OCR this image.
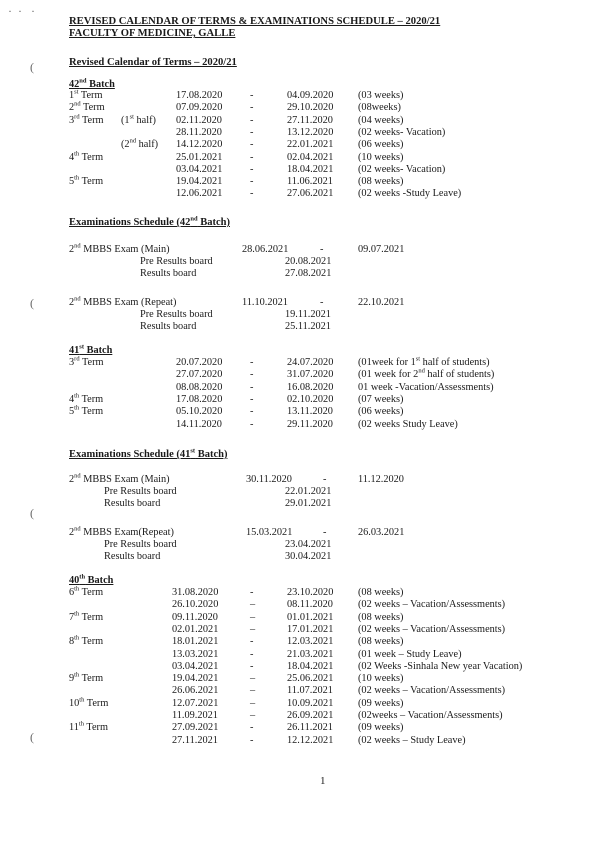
REVISED CALENDAR OF TERMS & EXAMINATIONS SCHEDULE – 2020/21
FACULTY OF MEDICINE, GALLE
Revised Calendar of Terms – 2020/21
42nd Batch
1st Term	17.08.2020	-	04.09.2020 (03 weeks)
2nd Term	07.09.2020	-	29.10.2020 (08weeks)
3rd Term (1st half) 02.11.2020	-	27.11.2020 (04 weeks)
28.11.2020	-	13.12.2020 (02 weeks- Vacation)
(2nd half) 14.12.2020	-	22.01.2021 (06 weeks)
4th Term	25.01.2021	-	02.04.2021 (10 weeks)
03.04.2021	-	18.04.2021 (02 weeks- Vacation)
5th Term	19.04.2021	-	11.06.2021 (08 weeks)
12.06.2021	-	27.06.2021 (02 weeks -Study Leave)
Examinations Schedule (42nd Batch)
2nd MBBS Exam (Main)	28.06.2021	-	09.07.2021
Pre Results board	20.08.2021
Results board	27.08.2021
2nd MBBS Exam (Repeat)	11.10.2021	-	22.10.2021
Pre Results board	19.11.2021
Results board	25.11.2021
41st Batch
3rd Term	20.07.2020	-	24.07.2020 (01week for 1st half of students)
27.07.2020	-	31.07.2020 (01 week for 2nd half of students)
08.08.2020	-	16.08.2020 01 week -Vacation/Assessments)
4th Term	17.08.2020	-	02.10.2020 (07 weeks)
5th Term	05.10.2020	-	13.11.2020 (06 weeks)
14.11.2020	-	29.11.2020 (02 weeks Study Leave)
Examinations Schedule (41st Batch)
2nd MBBS Exam (Main)	30.11.2020	-	11.12.2020
Pre Results board	22.01.2021
Results board	29.01.2021
2nd MBBS Exam(Repeat)	15.03.2021	-	26.03.2021
Pre Results board	23.04.2021
Results board	30.04.2021
40th Batch
6th Term	31.08.2020	-	23.10.2020 (08 weeks)
26.10.2020	–	08.11.2020 (02 weeks – Vacation/Assessments)
7th Term	09.11.2020	–	01.01.2021 (08 weeks)
02.01.2021	–	17.01.2021 (02 weeks – Vacation/Assessments)
8th Term	18.01.2021	-	12.03.2021 (08 weeks)
13.03.2021	-	21.03.2021 (01 week – Study Leave)
03.04.2021	-	18.04.2021 (02 Weeks -Sinhala New year Vacation)
9th Term	19.04.2021	–	25.06.2021 (10 weeks)
26.06.2021	–	11.07.2021 (02 weeks – Vacation/Assessments)
10th Term	12.07.2021	–	10.09.2021 (09 weeks)
11.09.2021	–	26.09.2021 (02weeks – Vacation/Assessments)
11th Term	27.09.2021	-	26.11.2021 (09 weeks)
27.11.2021	-	12.12.2021 (02 weeks – Study Leave)
1
·  ·   ·
(
(
(
(
